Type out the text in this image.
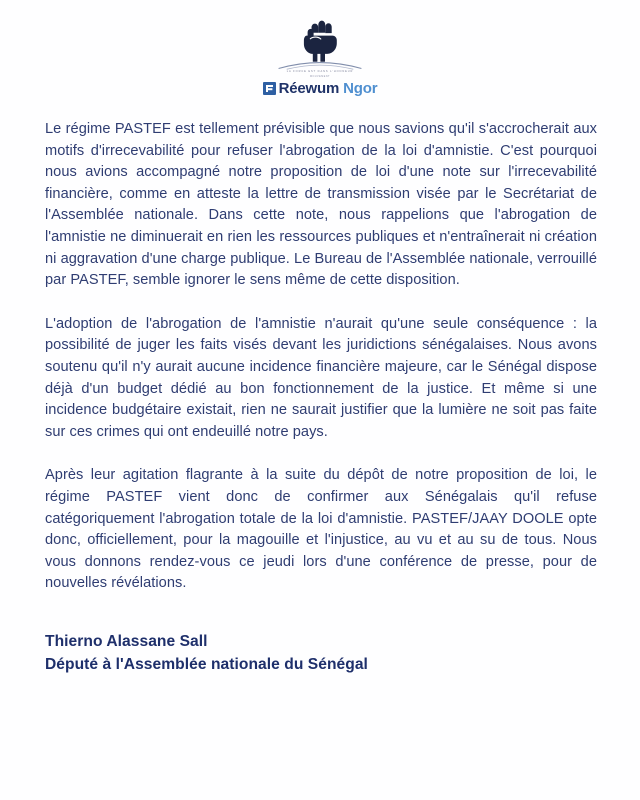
LA FORCE EST DANS L'HONNEUR
MOUVEMENT
Réewum Ngor

Le régime PASTEF est tellement prévisible que nous savions qu'il s'accrocherait aux motifs d'irrecevabilité pour refuser l'abrogation de la loi d'amnistie. C'est pourquoi nous avions accompagné notre proposition de loi d'une note sur l'irrecevabilité financière, comme en atteste la lettre de transmission visée par le Secrétariat de l'Assemblée nationale. Dans cette note, nous rappelions que l'abrogation de l'amnistie ne diminuerait en rien les ressources publiques et n'entraînerait ni création ni aggravation d'une charge publique. Le Bureau de l'Assemblée nationale, verrouillé par PASTEF, semble ignorer le sens même de cette disposition.

L'adoption de l'abrogation de l'amnistie n'aurait qu'une seule conséquence : la possibilité de juger les faits visés devant les juridictions sénégalaises. Nous avons soutenu qu'il n'y aurait aucune incidence financière majeure, car le Sénégal dispose déjà d'un budget dédié au bon fonctionnement de la justice. Et même si une incidence budgétaire existait, rien ne saurait justifier que la lumière ne soit pas faite sur ces crimes qui ont endeuillé notre pays.

Après leur agitation flagrante à la suite du dépôt de notre proposition de loi, le régime PASTEF vient donc de confirmer aux Sénégalais qu'il refuse catégoriquement l'abrogation totale de la loi d'amnistie. PASTEF/JAAY DOOLE opte donc, officiellement, pour la magouille et l'injustice, au vu et au su de tous. Nous vous donnons rendez-vous ce jeudi lors d'une conférence de presse, pour de nouvelles révélations.

Thierno Alassane Sall
Député à l'Assemblée nationale du Sénégal
